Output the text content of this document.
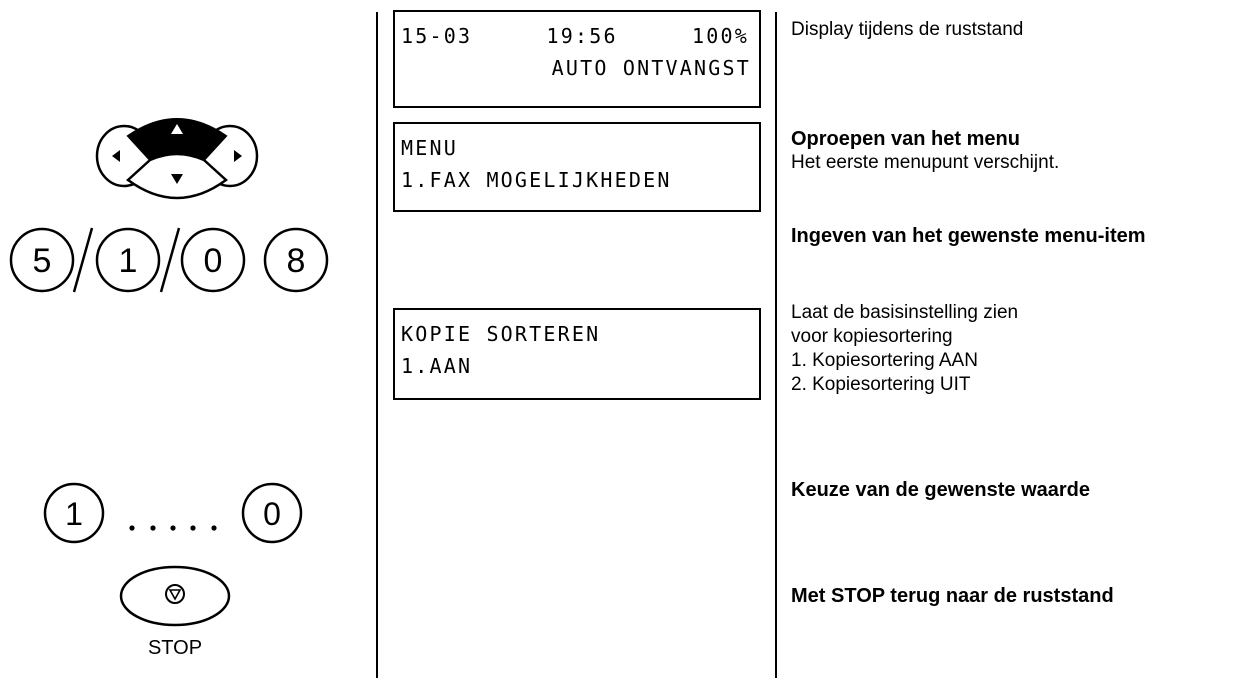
5 1 0 8
1	0
STOP
15-03	19:56	100%
AUTO ONTVANGST
MENU
1.FAX MOGELIJKHEDEN
KOPIE SORTEREN
1.AAN
Display tijdens de ruststand
Oproepen van het menu
Het eerste menupunt verschijnt.
Ingeven van het gewenste menu-item
Laat de basisinstelling zien
voor kopiesortering
1. Kopiesortering AAN
2. Kopiesortering UIT
Keuze van de gewenste waarde
Met STOP terug naar de ruststand
